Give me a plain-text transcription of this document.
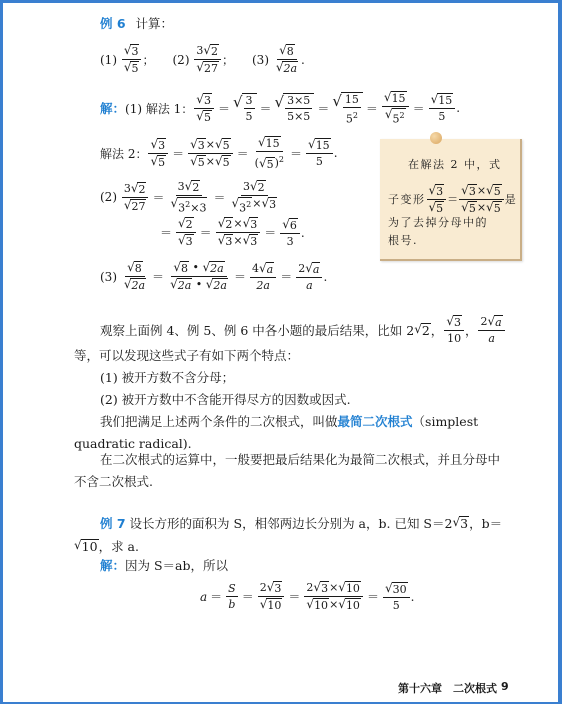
例 6 计算：
(1)
$\frac{√ 3}{√ 5}$ ； (2)
$\frac{3 √ 2}{√ 27}$ ； (3)
$\frac{√ 8}{√ 2a}$ .
解： (1) 解法 1： $\frac{√ 3}{√ 5}$ ＝ √ $\frac{3}{5}$ ＝ √ $\frac{3\times 5}{5\times 5}$ ＝ √ $\frac{15}{5^2} = \frac{√ 15}{√ 5^2} = \frac{√ 15}{5}$ .
解法 2： $\frac{√ 3}{√ 5} = \frac{√ 3 \times √ 5}{√ 5 \times √ 5} = \frac{√ 15}{( √ 5 )^2} = \frac{√ 15}{5}$ .
(2)
$\frac{3 √ 2}{√ 27} = \frac{3 √ 2}{√ 3^2\times 3} = \frac{3 √ 2}{√ 3^2 \times √ 3}$
＝ $\frac{√ 2}{√ 3} = \frac{√ 2 \times √ 3}{√ 3 \times √ 3} = \frac{√ 6}{3}$ .
(3)
$\frac{√ 8}{√ 2a} = \frac{√ 8 • √ 2a}{√ 2a • √ 2a} = \frac{4 √ a}{2a} = \frac{2 √ a}{a}$ .
在解法 2 中，式
子变形 $\frac{√ 3}{√ 5} = \frac{√ 3 \times √ 5}{√ 5 \times √ 5}$ 是
为了去掉分母中的
根号.
观察上面例 4、例 5、例 6 中各小题的最后结果，比如 2 √ 2 ， $\frac{√ 3}{10}$ ， $\frac{2 √ a}{a}$
等，可以发现这些式子有如下两个特点：
(1) 被开方数不含分母；
(2) 被开方数中不含能开得尽方的因数或因式.
我们把满足上述两个条件的二次根式，叫做最简二次根式（simplest
quadratic radical).
在二次根式的运算中，一般要把最后结果化为最简二次根式，并且分母中
不含二次根式.
例 7
设长方形的面积为 S，相邻两边长分别为 a，b. 已知 S＝2 √ 3 ，b＝
√ 10 ，求 a.
解：因为 S＝ab，所以
$a = \frac{S}{b} = \frac{2 √ 3}{√ 10} = \frac{2 √ 3 \times √ 10}{√ 10 \times √ 10} = \frac{√ 30}{5}$ .
第十六章　二次根式 9
